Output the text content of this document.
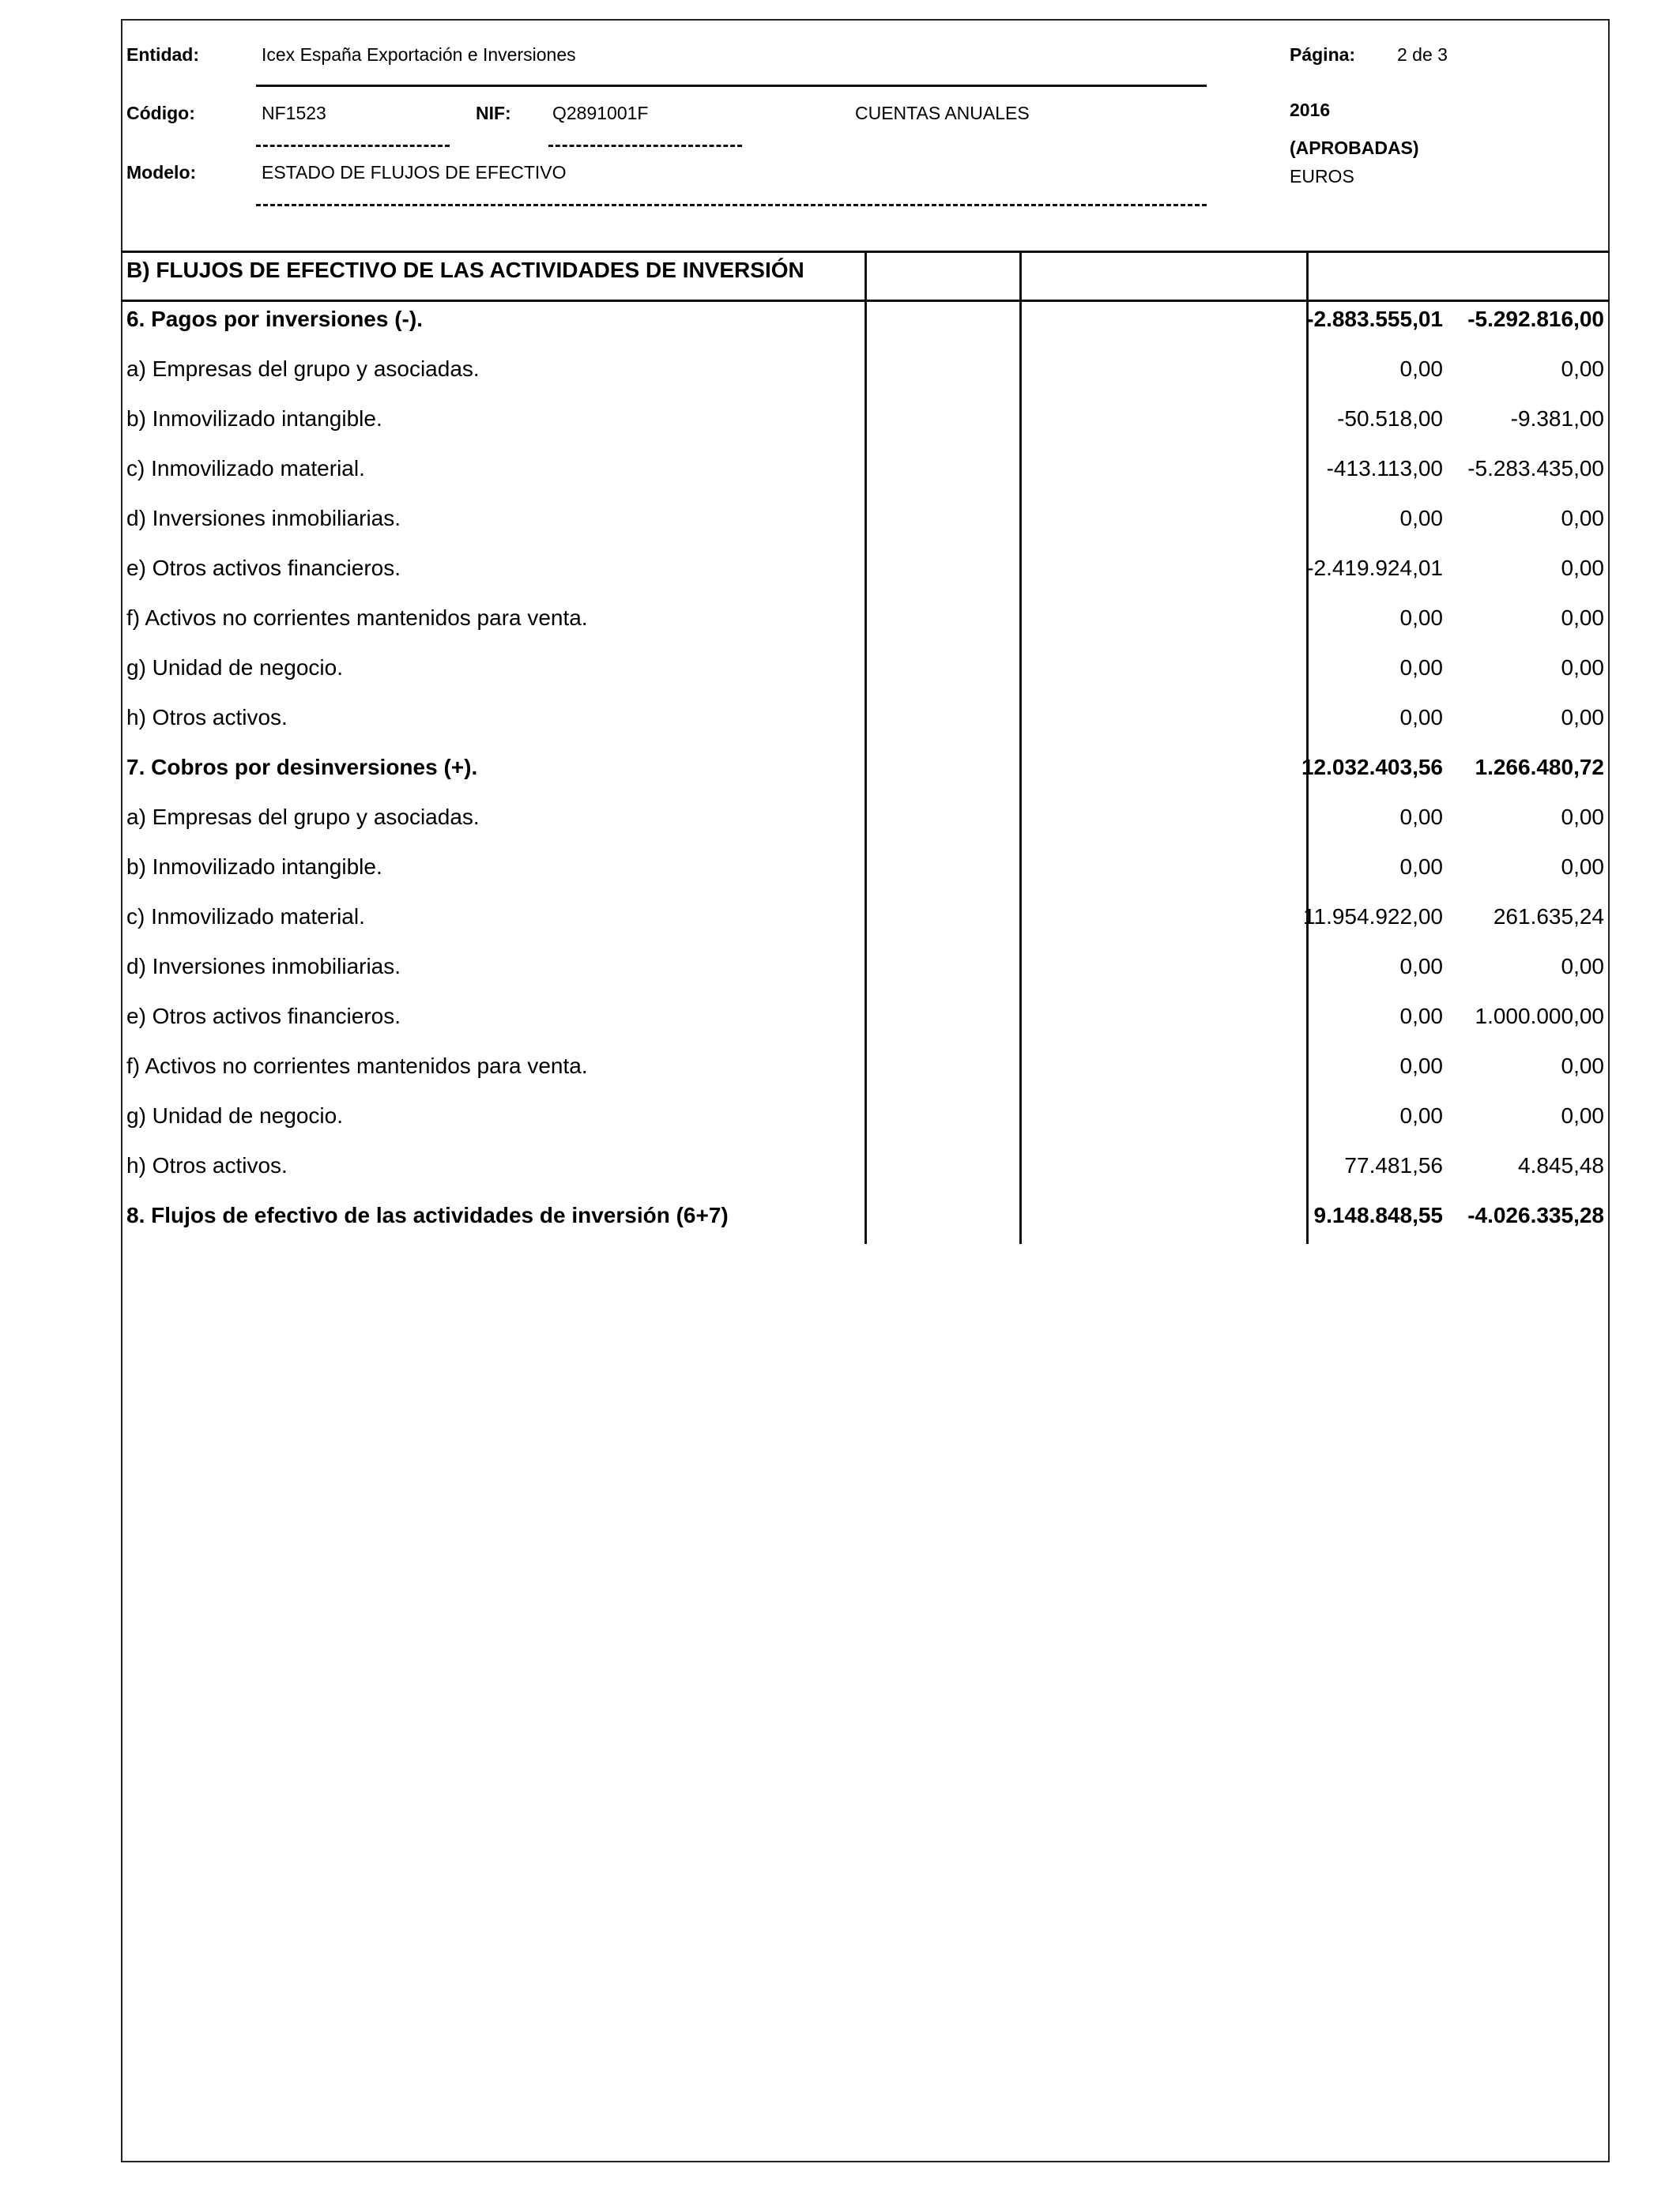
Entidad:	Icex España Exportación e Inversiones	Página: 2 de 3
Código:	NF1523	NIF: Q2891001F	CUENTAS ANUALES	2016
(APROBADAS)
Modelo:	ESTADO DE FLUJOS DE EFECTIVO	EUROS
B) FLUJOS DE EFECTIVO DE LAS ACTIVIDADES DE INVERSIÓN
6. Pagos por inversiones (-).	-2.883.555,01 -5.292.816,00
a) Empresas del grupo y asociadas.	0,00	0,00
b) Inmovilizado intangible.	-50.518,00	-9.381,00
c) Inmovilizado material.	-413.113,00 -5.283.435,00
d) Inversiones inmobiliarias.	0,00	0,00
e) Otros activos financieros.	-2.419.924,01	0,00
f) Activos no corrientes mantenidos para venta.	0,00	0,00
g) Unidad de negocio.	0,00	0,00
h) Otros activos.	0,00	0,00
7. Cobros por desinversiones (+).	12.032.403,56 1.266.480,72
a) Empresas del grupo y asociadas.	0,00	0,00
b) Inmovilizado intangible.	0,00	0,00
c) Inmovilizado material.	11.954.922,00 261.635,24
d) Inversiones inmobiliarias.	0,00	0,00
e) Otros activos financieros.	0,00 1.000.000,00
f) Activos no corrientes mantenidos para venta.	0,00	0,00
g) Unidad de negocio.	0,00	0,00
h) Otros activos.	77.481,56	4.845,48
8. Flujos de efectivo de las actividades de inversión (6+7)	9.148.848,55 -4.026.335,28
